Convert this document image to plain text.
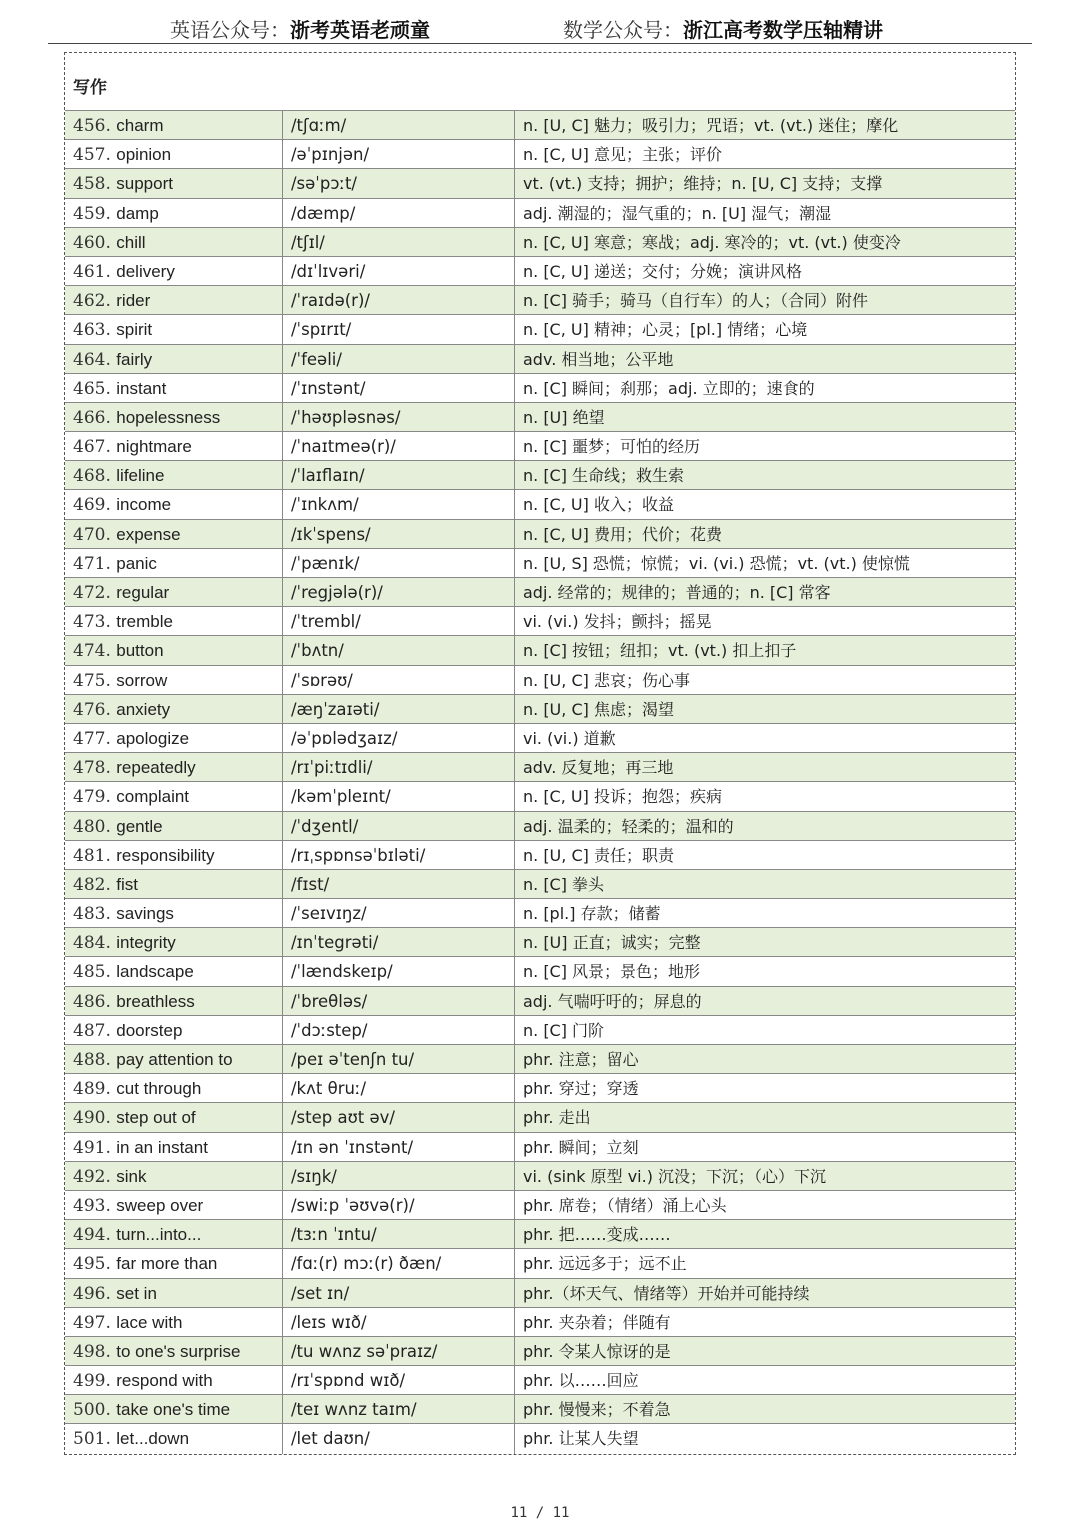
英语公众号：浙考英语老顽童	数学公众号：浙江高考数学压轴精讲
写作
456. charm	/tʃɑːm/	n. [U, C] 魅力；吸引力；咒语；vt. (vt.) 迷住；摩化
457. opinion	/əˈpɪnjən/	n. [C, U] 意见；主张；评价
458. support	/səˈpɔːt/	vt. (vt.) 支持；拥护；维持；n. [U, C] 支持；支撑
459. damp	/dæmp/	adj. 潮湿的；湿气重的；n. [U] 湿气；潮湿
460. chill	/tʃɪl/	n. [C, U] 寒意；寒战；adj. 寒冷的；vt. (vt.) 使变冷
461. delivery	/dɪˈlɪvəri/	n. [C, U] 递送；交付；分娩；演讲风格
462. rider	/ˈraɪdə(r)/	n. [C] 骑手；骑马（自行车）的人；（合同）附件
463. spirit	/ˈspɪrɪt/	n. [C, U] 精神；心灵；[pl.] 情绪；心境
464. fairly	/ˈfeəli/	adv. 相当地；公平地
465. instant	/ˈɪnstənt/	n. [C] 瞬间；刹那；adj. 立即的；速食的
466. hopelessness	/ˈhəʊpləsnəs/	n. [U] 绝望
467. nightmare	/ˈnaɪtmeə(r)/	n. [C] 噩梦；可怕的经历
468. lifeline	/ˈlaɪflaɪn/	n. [C] 生命线；救生索
469. income	/ˈɪnkʌm/	n. [C, U] 收入；收益
470. expense	/ɪkˈspens/	n. [C, U] 费用；代价；花费
471. panic	/ˈpænɪk/	n. [U, S] 恐慌；惊慌；vi. (vi.) 恐慌；vt. (vt.) 使惊慌
472. regular	/ˈregjələ(r)/	adj. 经常的；规律的；普通的；n. [C] 常客
473. tremble	/ˈtrembl/	vi. (vi.) 发抖；颤抖；摇晃
474. button	/ˈbʌtn/	n. [C] 按钮；纽扣；vt. (vt.) 扣上扣子
475. sorrow	/ˈsɒrəʊ/	n. [U, C] 悲哀；伤心事
476. anxiety	/æŋˈzaɪəti/	n. [U, C] 焦虑；渴望
477. apologize	/əˈpɒlədʒaɪz/	vi. (vi.) 道歉
478. repeatedly	/rɪˈpiːtɪdli/	adv. 反复地；再三地
479. complaint	/kəmˈpleɪnt/	n. [C, U] 投诉；抱怨；疾病
480. gentle	/ˈdʒentl/	adj. 温柔的；轻柔的；温和的
481. responsibility	/rɪˌspɒnsəˈbɪləti/	n. [U, C] 责任；职责
482. fist	/fɪst/	n. [C] 拳头
483. savings	/ˈseɪvɪŋz/	n. [pl.] 存款；储蓄
484. integrity	/ɪnˈtegrəti/	n. [U] 正直；诚实；完整
485. landscape	/ˈlændskeɪp/	n. [C] 风景；景色；地形
486. breathless	/ˈbreθləs/	adj. 气喘吁吁的；屏息的
487. doorstep	/ˈdɔːstep/	n. [C] 门阶
488. pay attention to	/peɪ əˈtenʃn tu/	phr. 注意；留心
489. cut through	/kʌt θruː/	phr. 穿过；穿透
490. step out of	/step aʊt əv/	phr. 走出
491. in an instant	/ɪn ən ˈɪnstənt/	phr. 瞬间；立刻
492. sink	/sɪŋk/	vi. (sink 原型 vi.) 沉没；下沉；（心）下沉
493. sweep over	/swiːp ˈəʊvə(r)/	phr. 席卷；（情绪）涌上心头
494. turn...into...	/tɜːn ˈɪntu/	phr. 把……变成……
495. far more than	/fɑː(r) mɔː(r) ðæn/	phr. 远远多于；远不止
496. set in	/set ɪn/	phr.（坏天气、情绪等）开始并可能持续
497. lace with	/leɪs wɪð/	phr. 夹杂着；伴随有
498. to one's surprise	/tu wʌnz səˈpraɪz/	phr. 令某人惊讶的是
499. respond with	/rɪˈspɒnd wɪð/	phr. 以……回应
500. take one's time	/teɪ wʌnz taɪm/	phr. 慢慢来；不着急
501. let...down	/let daʊn/	phr. 让某人失望
11 / 11
